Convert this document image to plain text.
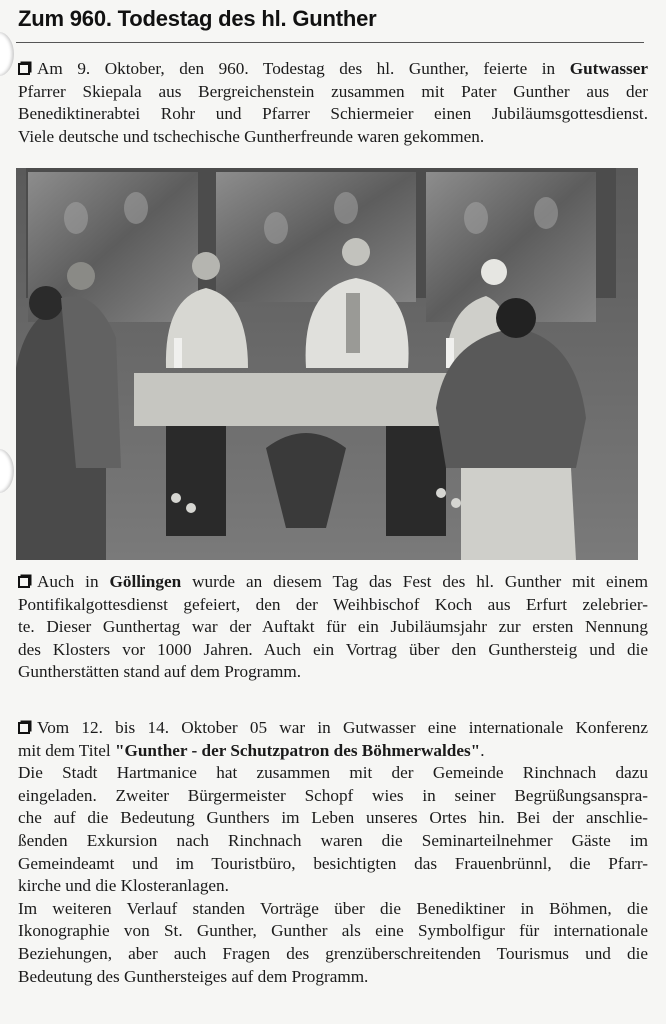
Zum 960. Todestag des hl. Gunther
Am 9. Oktober, den 960. Todestag des hl. Gunther, feierte in Gutwasser
Pfarrer Skiepala aus Bergreichenstein zusammen mit Pater Gunther aus der
Benediktinerabtei Rohr und Pfarrer Schiermeier einen Jubiläumsgottesdienst.
Viele deutsche und tschechische Guntherfreunde waren gekommen.
Auch in Göllingen wurde an diesem Tag das Fest des hl. Gunther mit einem
Pontifikalgottesdienst gefeiert, den der Weihbischof Koch aus Erfurt zelebrier-
te. Dieser Gunthertag war der Auftakt für ein Jubiläumsjahr zur ersten Nennung
des Klosters vor 1000 Jahren. Auch ein Vortrag über den Gunthersteig und die
Guntherstätten stand auf dem Programm.
Vom 12. bis 14. Oktober 05 war in Gutwasser eine internationale Konferenz
mit dem Titel "Gunther - der Schutzpatron des Böhmerwaldes".
Die Stadt Hartmanice hat zusammen mit der Gemeinde Rinchnach dazu
eingeladen. Zweiter Bürgermeister Schopf wies in seiner Begrüßungsanspra-
che auf die Bedeutung Gunthers im Leben unseres Ortes hin. Bei der anschlie-
ßenden Exkursion nach Rinchnach waren die Seminarteilnehmer Gäste im
Gemeindeamt und im Touristbüro, besichtigten das Frauenbrünnl, die Pfarr-
kirche und die Klosteranlagen.
Im weiteren Verlauf standen Vorträge über die Benediktiner in Böhmen, die
Ikonographie von St. Gunther, Gunther als eine Symbolfigur für internationale
Beziehungen, aber auch Fragen des grenzüberschreitenden Tourismus und die
Bedeutung des Gunthersteiges auf dem Programm.
